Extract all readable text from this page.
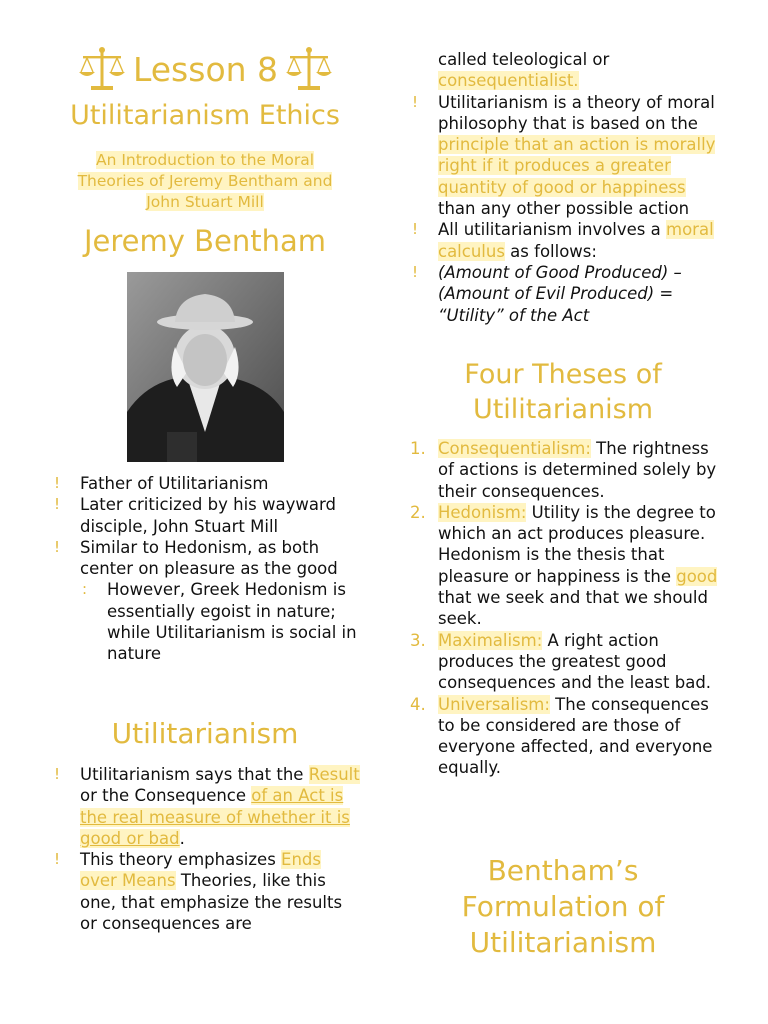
Lesson 8
Utilitarianism Ethics
An Introduction to the Moral
Theories of Jeremy Bentham and
John Stuart Mill
Jeremy Bentham
! Father of Utilitarianism
! Later criticized by his wayward disciple, John Stuart Mill
! Similar to Hedonism, as both center on pleasure as the good
: However, Greek Hedonism is essentially egoist in nature; while Utilitarianism is social in nature
Utilitarianism
! Utilitarianism says that the Result or the Consequence of an Act is the real measure of whether it is good or bad.
! This theory emphasizes Ends over Means Theories, like this one, that emphasize the results or consequences are
called teleological or
consequentialist.
! Utilitarianism is a theory of moral philosophy that is based on the principle that an action is morally right if it produces a greater quantity of good or happiness than any other possible action
! All utilitarianism involves a moral calculus as follows:
! (Amount of Good Produced) – (Amount of Evil Produced) = “Utility” of the Act
Four Theses of
Utilitarianism
1. Consequentialism: The rightness of actions is determined solely by their consequences.
2. Hedonism: Utility is the degree to which an act produces pleasure. Hedonism is the thesis that pleasure or happiness is the good that we seek and that we should seek.
3. Maximalism: A right action produces the greatest good consequences and the least bad.
4. Universalism: The consequences to be considered are those of everyone affected, and everyone equally.
Bentham’s
Formulation of
Utilitarianism
